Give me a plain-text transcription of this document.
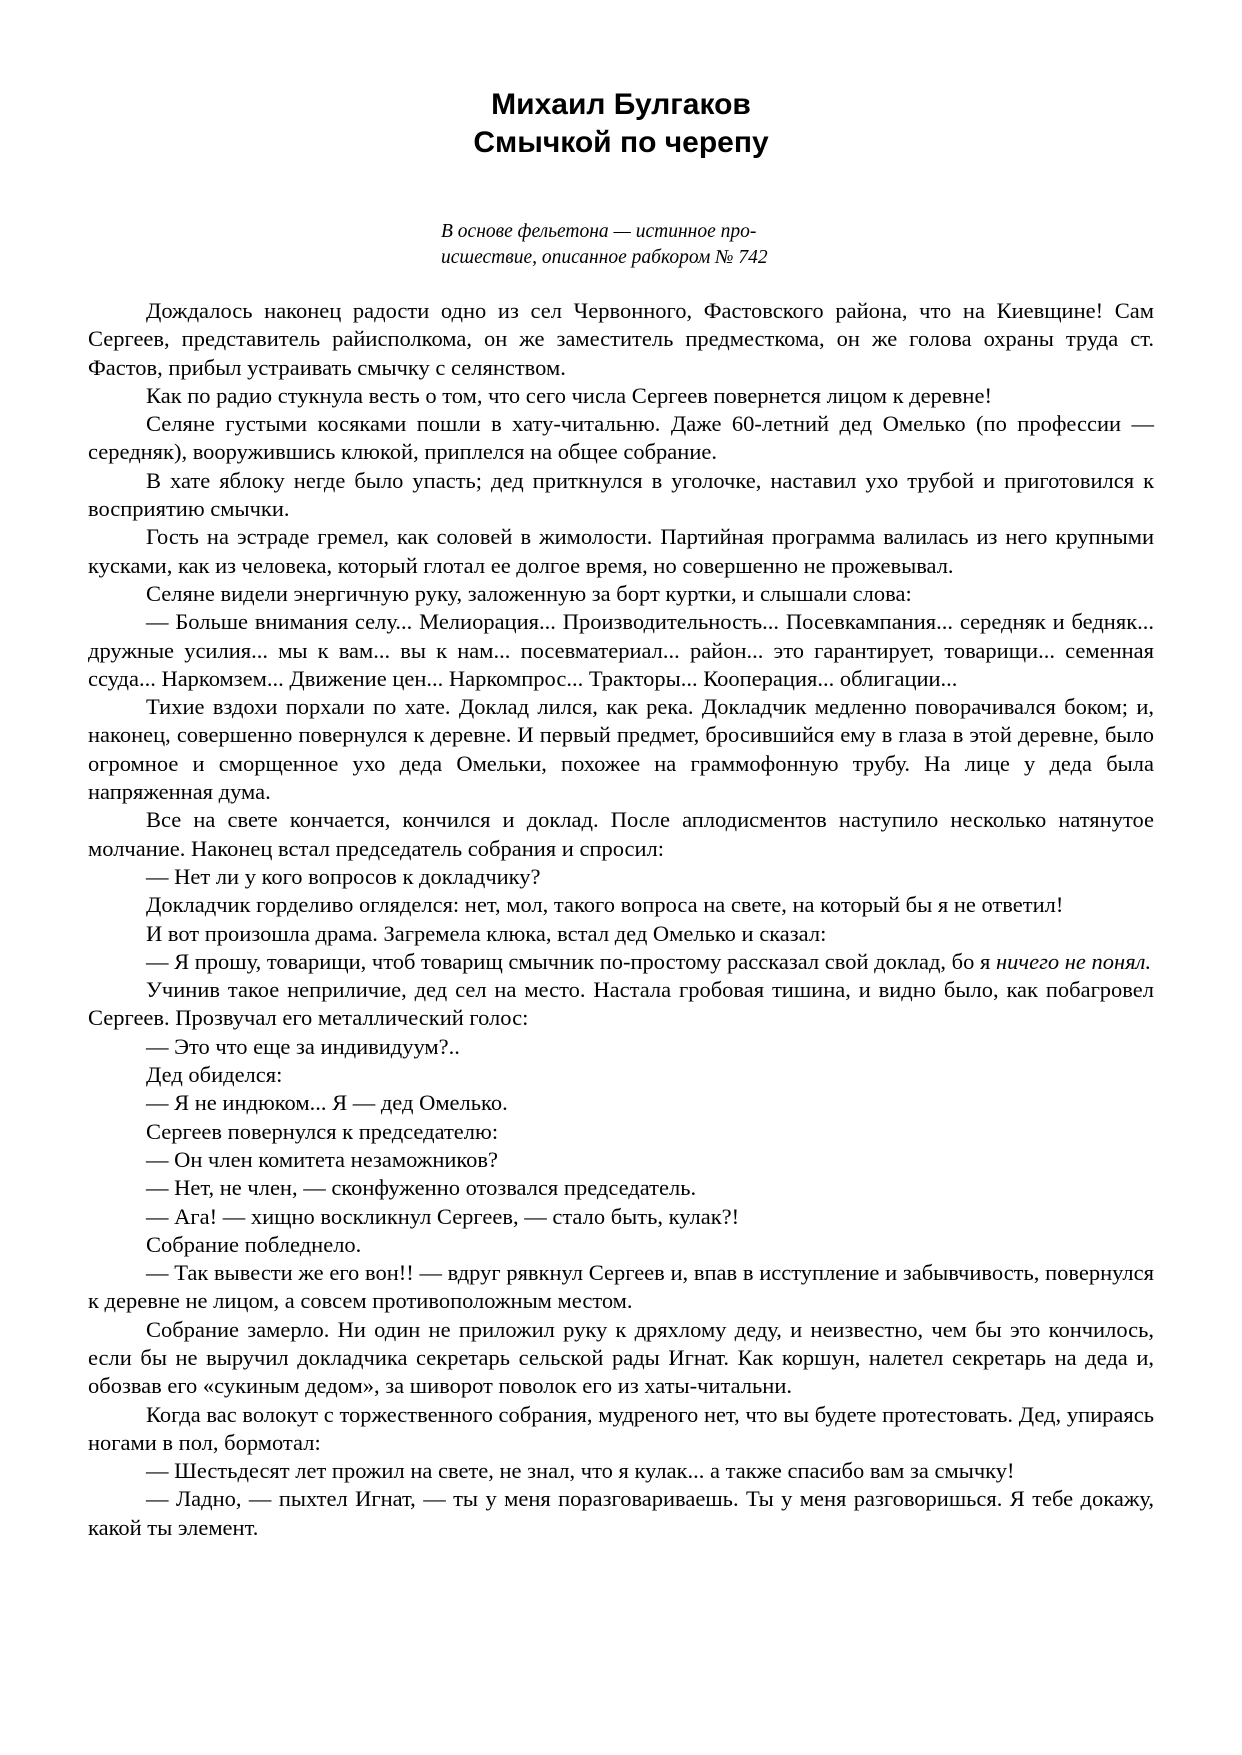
Михаил Булгаков
Смычкой по черепу
В основе фельетона — истинное про-
исшествие, описанное рабкором № 742

Дождалось наконец радости одно из сел Червонного, Фастовского района, что на Киевщине! Сам Сергеев, представитель райисполкома, он же заместитель предместкома, он же голова охраны труда ст. Фастов, прибыл устраивать смычку с селянством.

Как по радио стукнула весть о том, что сего числа Сергеев повернется лицом к деревне!

Селяне густыми косяками пошли в хату-читальню. Даже 60-летний дед Омелько (по профессии — середняк), вооружившись клюкой, приплелся на общее собрание.

В хате яблоку негде было упасть; дед приткнулся в уголочке, наставил ухо трубой и приготовился к восприятию смычки.

Гость на эстраде гремел, как соловей в жимолости. Партийная программа валилась из него крупными кусками, как из человека, который глотал ее долгое время, но совершенно не прожевывал.

Селяне видели энергичную руку, заложенную за борт куртки, и слышали слова:

— Больше внимания селу... Мелиорация... Производительность... Посевкампания... середняк и бедняк... дружные усилия... мы к вам... вы к нам... посевматериал... район... это гарантирует, товарищи... семенная ссуда... Наркомзем... Движение цен... Наркомпрос... Тракторы... Кооперация... облигации...

Тихие вздохи порхали по хате. Доклад лился, как река. Докладчик медленно поворачивался боком; и, наконец, совершенно повернулся к деревне. И первый предмет, бросившийся ему в глаза в этой деревне, было огромное и сморщенное ухо деда Омельки, похожее на граммофонную трубу. На лице у деда была напряженная дума.

Все на свете кончается, кончился и доклад. После аплодисментов наступило несколько натянутое молчание. Наконец встал председатель собрания и спросил:

— Нет ли у кого вопросов к докладчику?

Докладчик горделиво огляделся: нет, мол, такого вопроса на свете, на который бы я не ответил!

И вот произошла драма. Загремела клюка, встал дед Омелько и сказал:

— Я прошу, товарищи, чтоб товарищ смычник по-простому рассказал свой доклад, бо я ничего не понял.

Учинив такое неприличие, дед сел на место. Настала гробовая тишина, и видно было, как побагровел Сергеев. Прозвучал его металлический голос:

— Это что еще за индивидуум?..

Дед обиделся:

— Я не индюком... Я — дед Омелько.

Сергеев повернулся к председателю:

— Он член комитета незаможников?

— Нет, не член, — сконфуженно отозвался председатель.

— Ага! — хищно воскликнул Сергеев, — стало быть, кулак?!

Собрание побледнело.

— Так вывести же его вон!! — вдруг рявкнул Сергеев и, впав в исступление и забывчивость, повернулся к деревне не лицом, а совсем противоположным местом.

Собрание замерло. Ни один не приложил руку к дряхлому деду, и неизвестно, чем бы это кончилось, если бы не выручил докладчика секретарь сельской рады Игнат. Как коршун, налетел секретарь на деда и, обозвав его «сукиным дедом», за шиворот поволок его из хаты-читальни.

Когда вас волокут с торжественного собрания, мудреного нет, что вы будете протестовать. Дед, упираясь ногами в пол, бормотал:

— Шестьдесят лет прожил на свете, не знал, что я кулак... а также спасибо вам за смычку!

— Ладно, — пыхтел Игнат, — ты у меня поразговариваешь. Ты у меня разговоришься. Я тебе докажу, какой ты элемент.
